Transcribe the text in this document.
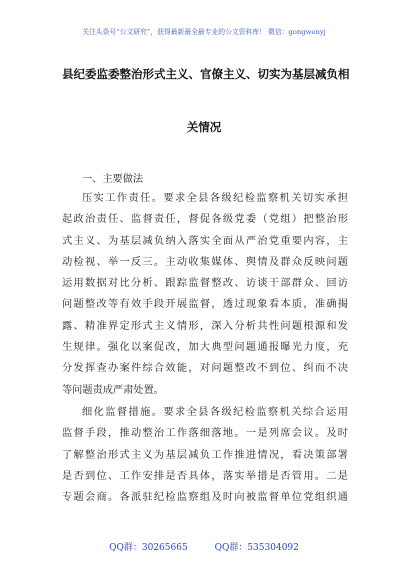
关注头条号“公文研究”，获得最新最全最专业的公文资料库！ 微信：gongwenyj
县纪委监委整治形式主义、官僚主义、切实为基层减负相
关情况
一、主要做法
压实工作责任。要求全县各级纪检监察机关切实承担
起政治责任、监督责任，督促各级党委（党组）把整治形
式主义、为基层减负纳入落实全面从严治党重要内容，主
动检视、举一反三。主动收集媒体、舆情及群众反映问题
运用数据对比分析、跟踪监督整改、访谈干部群众、回访
问题整改等有效手段开展监督，透过现象看本质，准确揭
露、精准界定形式主义情形，深入分析共性问题根源和发
生规律。强化以案促改，加大典型问题通报曝光力度，充
分发挥查办案件综合效能，对问题整改不到位、纠而不决
等问题责成严肃处置。
细化监督措施。要求全县各级纪检监察机关综合运用
监督手段，推动整治工作落细落地。一是列席会议。及时
了解整治形式主义为基层减负工作推进情况，看决策部署
是否到位、工作安排是否具体，落实举措是否管用。二是
专题会商。各派驻纪检监察组及时向被监督单位党组织通
QQ群：30265665	QQ群：535304092
